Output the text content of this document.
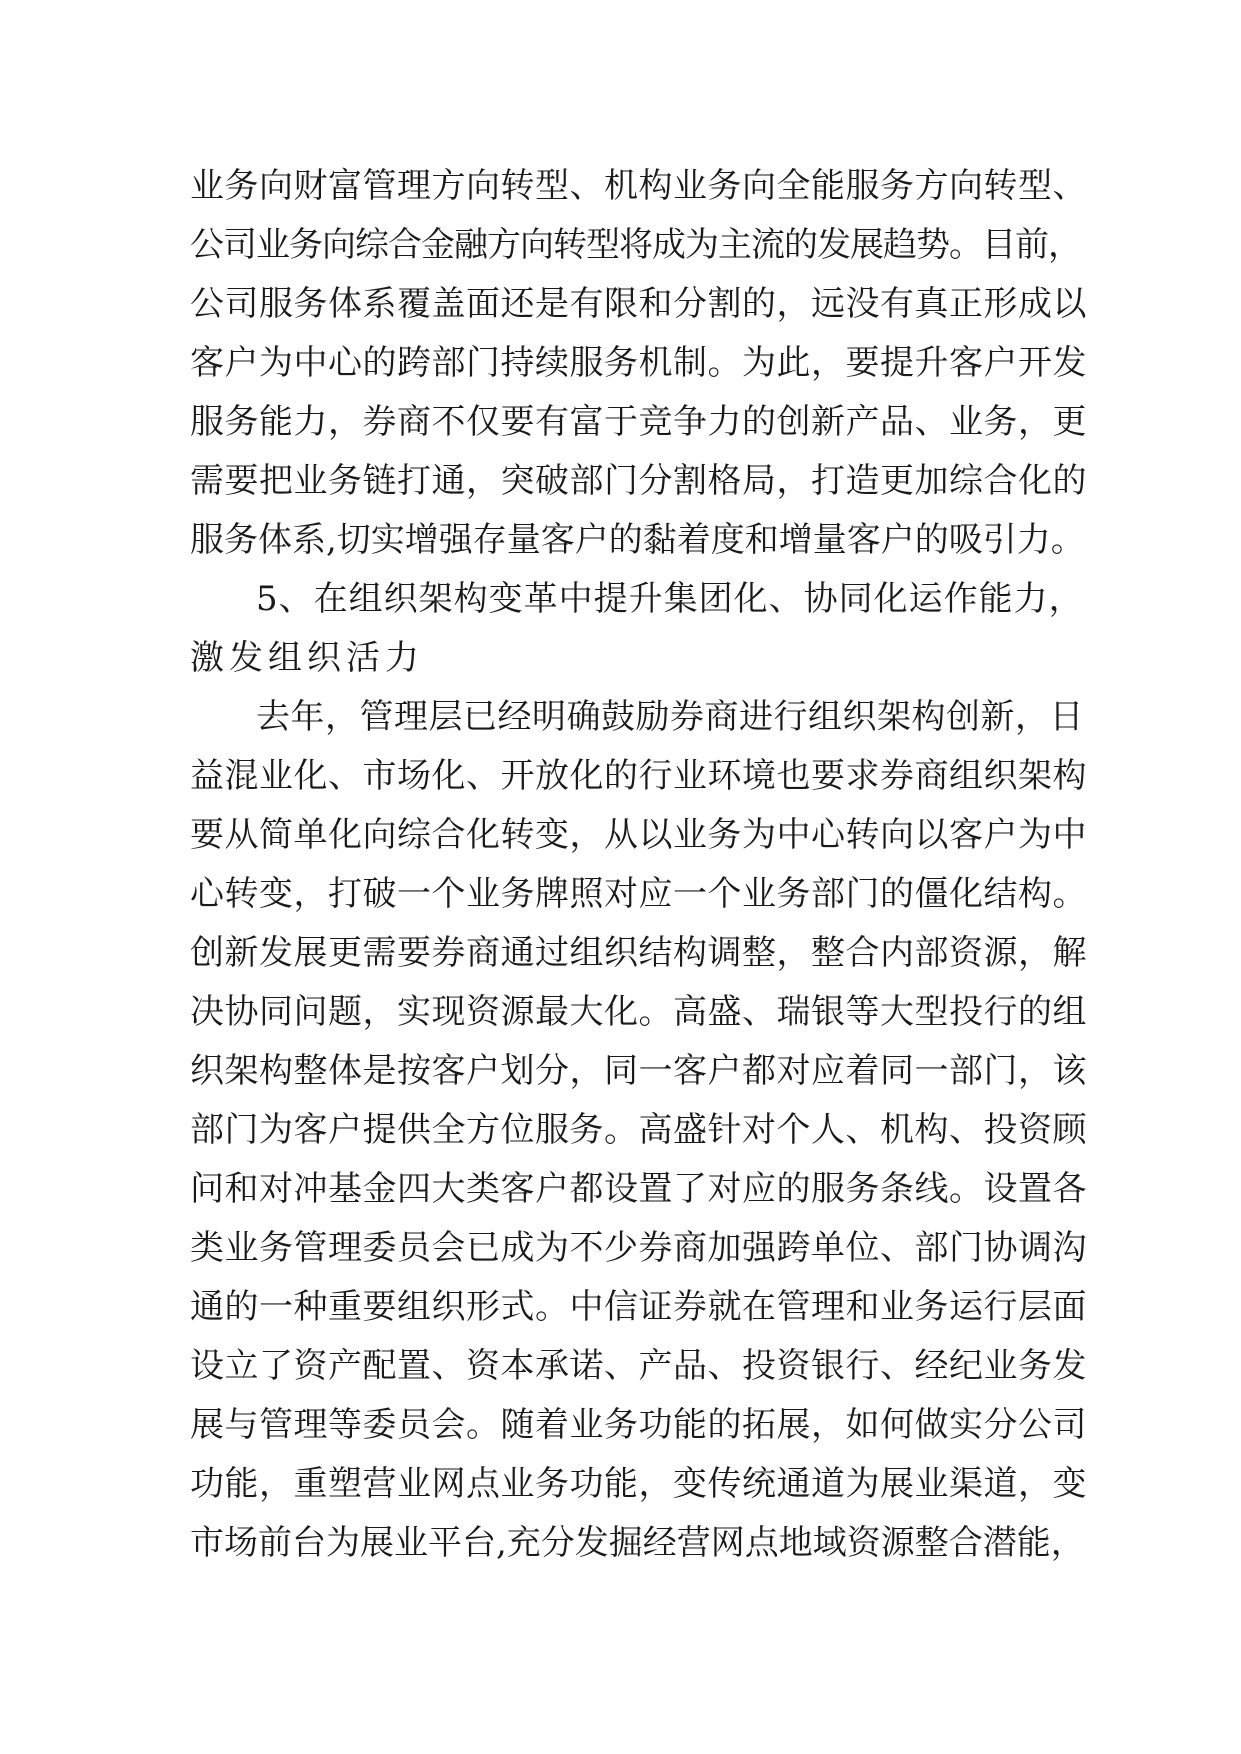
业务向财富管理方向转型、机构业务向全能服务方向转型、
公司业务向综合金融方向转型将成为主流的发展趋势。目前，
公司服务体系覆盖面还是有限和分割的，远没有真正形成以
客户为中心的跨部门持续服务机制。为此，要提升客户开发
服务能力，券商不仅要有富于竞争力的创新产品、业务，更
需要把业务链打通，突破部门分割格局，打造更加综合化的
服务体系,切实增强存量客户的黏着度和增量客户的吸引力。
5、在组织架构变革中提升集团化、协同化运作能力，
激发组织活力
去年，管理层已经明确鼓励券商进行组织架构创新，日
益混业化、市场化、开放化的行业环境也要求券商组织架构
要从简单化向综合化转变，从以业务为中心转向以客户为中
心转变，打破一个业务牌照对应一个业务部门的僵化结构。
创新发展更需要券商通过组织结构调整，整合内部资源，解
决协同问题，实现资源最大化。高盛、瑞银等大型投行的组
织架构整体是按客户划分，同一客户都对应着同一部门，该
部门为客户提供全方位服务。高盛针对个人、机构、投资顾
问和对冲基金四大类客户都设置了对应的服务条线。设置各
类业务管理委员会已成为不少券商加强跨单位、部门协调沟
通的一种重要组织形式。中信证券就在管理和业务运行层面
设立了资产配置、资本承诺、产品、投资银行、经纪业务发
展与管理等委员会。随着业务功能的拓展，如何做实分公司
功能，重塑营业网点业务功能，变传统通道为展业渠道，变
市场前台为展业平台,充分发掘经营网点地域资源整合潜能，
